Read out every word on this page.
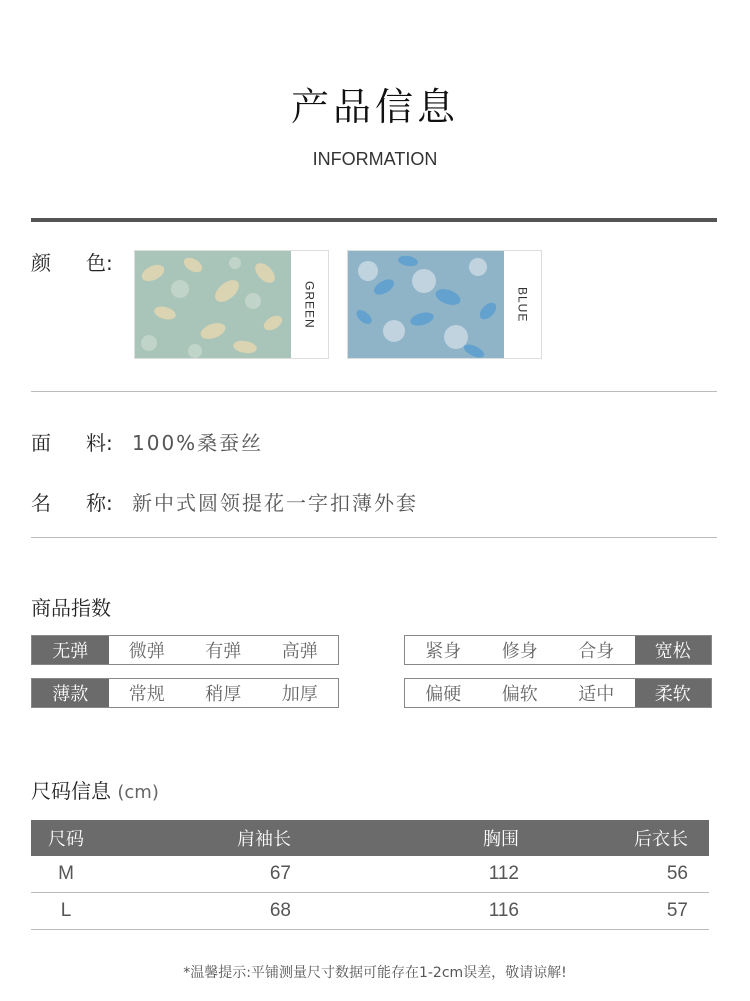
产品信息
INFORMATION
颜 色:
GREEN	BLUE
面 料: 100%桑蚕丝
名 称: 新中式圆领提花一字扣薄外套
商品指数
无弹	微弹	有弹	高弹	紧身	修身	合身	宽松
薄款	常规	稍厚	加厚	偏硬	偏软	适中	柔软
尺码信息 (cm)
尺码	肩袖长	胸围	后衣长
M	67	112	56
L	68	116	57
*温馨提示:平铺测量尺寸数据可能存在1-2cm误差，敬请谅解!
